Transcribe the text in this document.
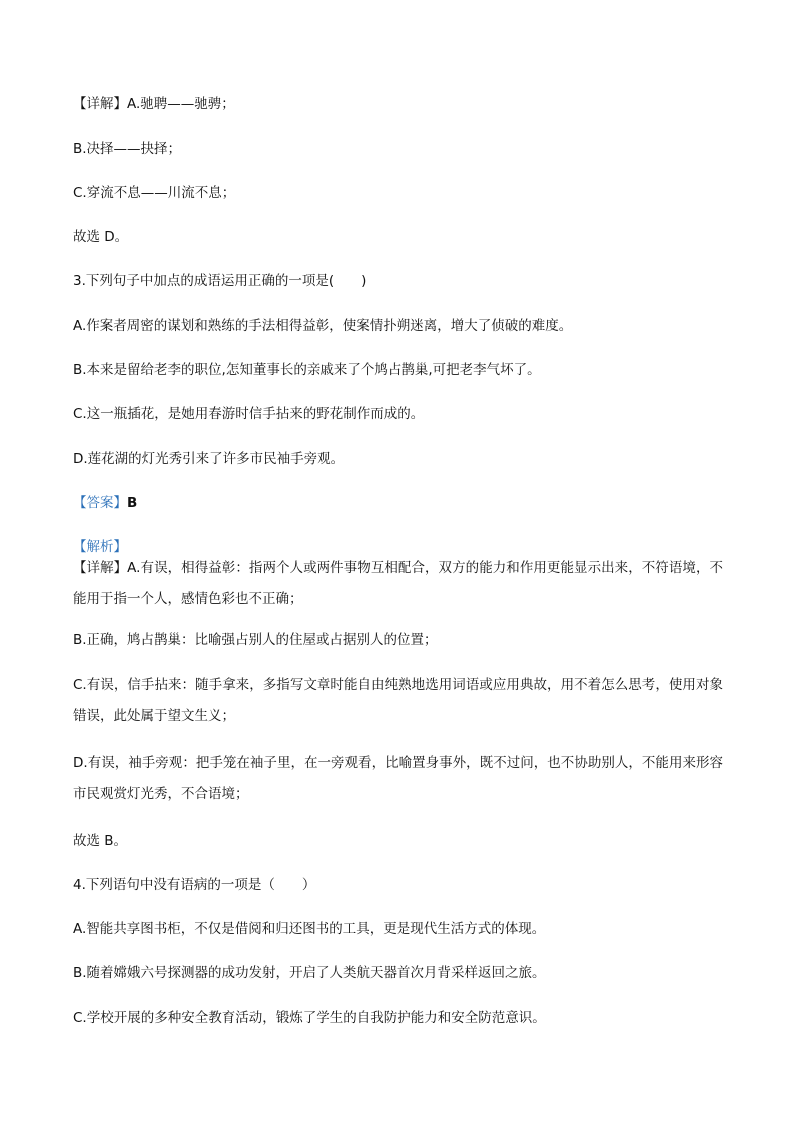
【详解】A.驰聘——驰骋；
B.决择——抉择；
C.穿流不息——川流不息；
故选 D。
3.下列句子中加点的成语运用正确的一项是(　　)
A.作案者周密的谋划和熟练的手法相得益彰，使案情扑朔迷离，增大了侦破的难度。
B.本来是留给老李的职位,怎知董事长的亲戚来了个鸠占鹊巢,可把老李气坏了。
C.这一瓶插花，是她用春游时信手拈来的野花制作而成的。
D.莲花湖的灯光秀引来了许多市民袖手旁观。
【答案】B
【解析】
【详解】A.有误，相得益彰：指两个人或两件事物互相配合，双方的能力和作用更能显示出来，不符语境，不能用于指一个人，感情色彩也不正确；
B.正确，鸠占鹊巢：比喻强占别人的住屋或占据别人的位置；
C.有误，信手拈来：随手拿来，多指写文章时能自由纯熟地选用词语或应用典故，用不着怎么思考，使用对象错误，此处属于望文生义；
D.有误，袖手旁观：把手笼在袖子里，在一旁观看，比喻置身事外，既不过问，也不协助别人，不能用来形容市民观赏灯光秀，不合语境；
故选 B。
4.下列语句中没有语病的一项是（　　）
A.智能共享图书柜，不仅是借阅和归还图书的工具，更是现代生活方式的体现。
B.随着嫦娥六号探测器的成功发射，开启了人类航天器首次月背采样返回之旅。
C.学校开展的多种安全教育活动，锻炼了学生的自我防护能力和安全防范意识。
